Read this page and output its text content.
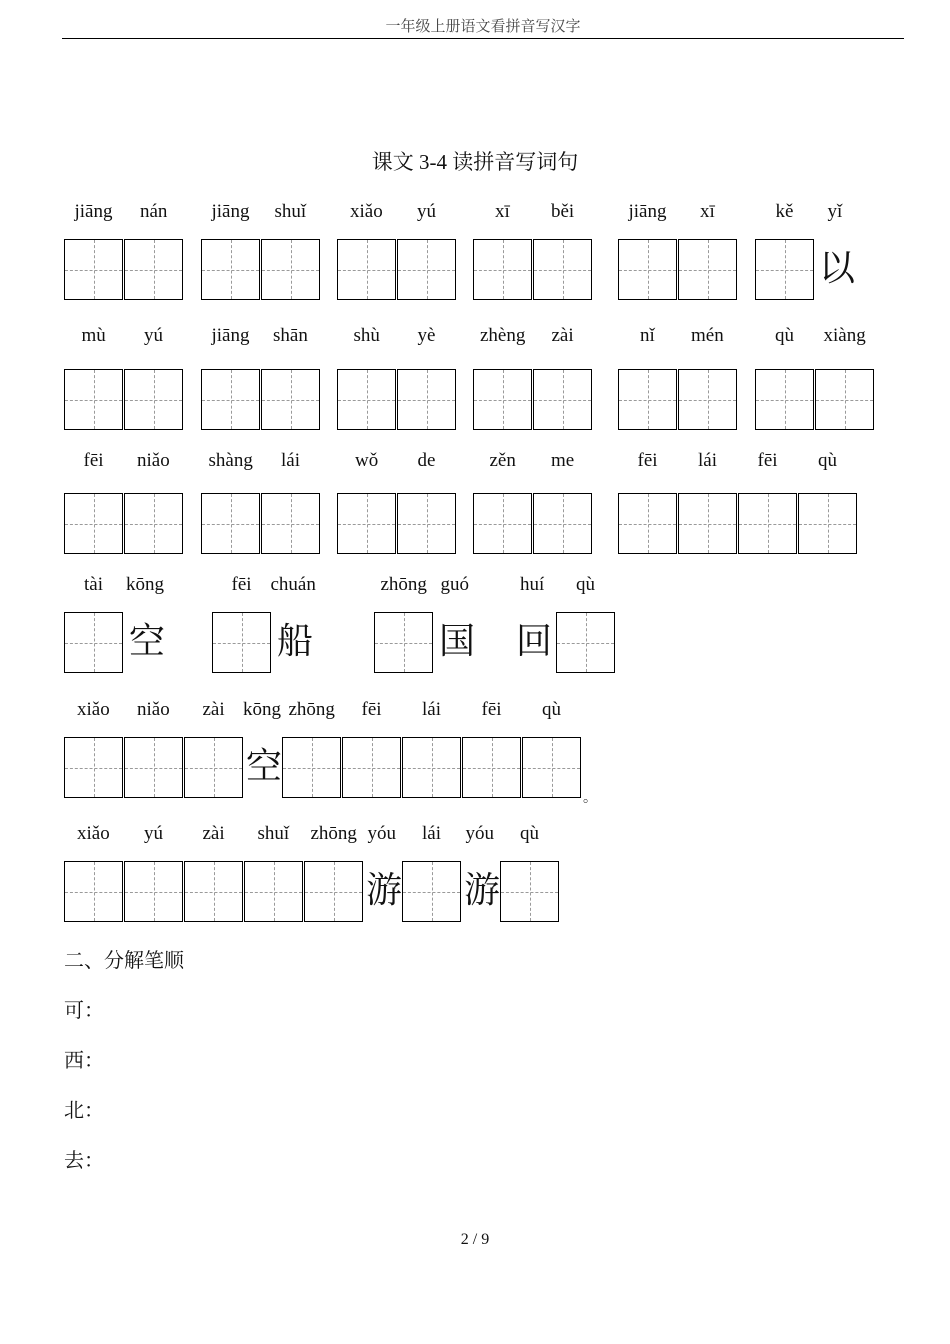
一年级上册语文看拼音写汉字
课文 3-4 读拼音写词句
jiāng nán jiāng shuǐ xiǎo yú	xī běi	jiāng xī	kě
以
yǐ
mù yú	jiāng shān shù yè zhèng zài	nǐ mén	qù xiàng
fēi niǎo shàng lái	wǒ de	zěn me	fēi lái fēi qù
tài
空
kōng	fēi
船
chuán	zhōng
国
guó
回
huí qù
xiǎo niǎo zài
空
kōng zhōng fēi lái fēi qù
。
xiǎo yú zài shuǐ zhōng
游
yóu lái
游
yóu qù
二、分解笔顺
可：
西：
北：
去：
2 / 9
